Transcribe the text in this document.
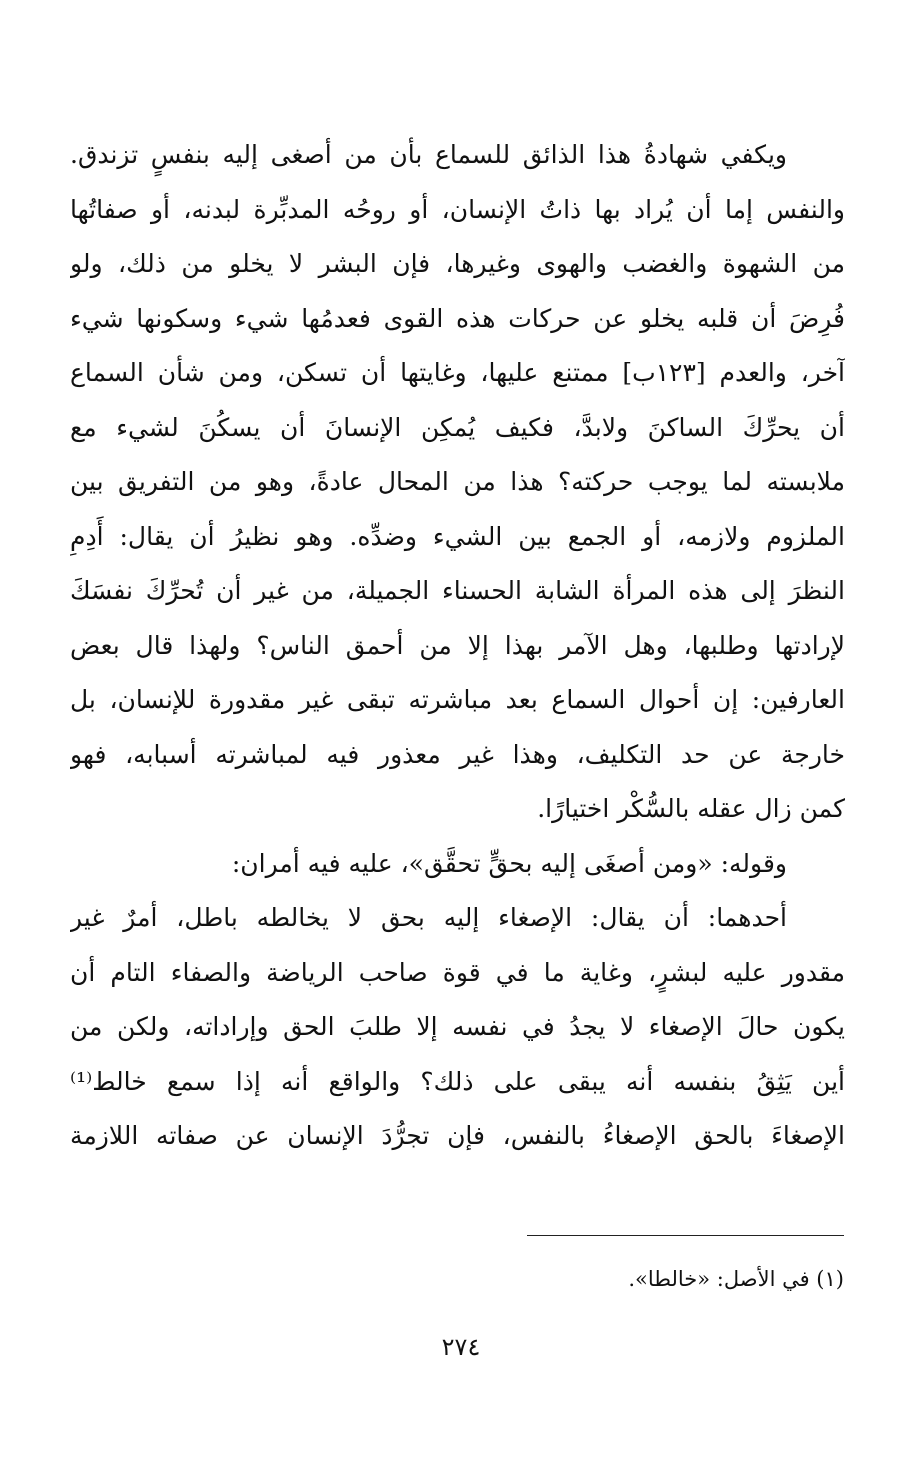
ويكفي شهادةُ هذا الذائق للسماع بأن من أصغى إليه بنفسٍ تزندق.
والنفس إما أن يُراد بها ذاتُ الإنسان، أو روحُه المدبِّرة لبدنه، أو صفاتُها
من الشهوة والغضب والهوى وغيرها، فإن البشر لا يخلو من ذلك، ولو
فُرِضَ أن قلبه يخلو عن حركات هذه القوى فعدمُها شيء وسكونها شيء
آخر، والعدم [١٢٣ب] ممتنع عليها، وغايتها أن تسكن، ومن شأن السماع
أن يحرِّكَ الساكنَ ولابدَّ، فكيف يُمكِن الإنسانَ أن يسكُنَ لشيء مع
ملابسته لما يوجب حركته؟ هذا من المحال عادةً، وهو من التفريق بين
الملزوم ولازمه، أو الجمع بين الشيء وضدِّه. وهو نظيرُ أن يقال: أَدِمِ
النظرَ إلى هذه المرأة الشابة الحسناء الجميلة، من غير أن تُحرِّكَ نفسَكَ
لإرادتها وطلبها، وهل الآمر بهذا إلا من أحمق الناس؟ ولهذا قال بعض
العارفين: إن أحوال السماع بعد مباشرته تبقى غير مقدورة للإنسان، بل
خارجة عن حد التكليف، وهذا غير معذور فيه لمباشرته أسبابه، فهو
كمن زال عقله بالسُّكْر اختيارًا.
وقوله: «ومن أصغَى إليه بحقٍّ تحقَّق»، عليه فيه أمران:
أحدهما: أن يقال: الإصغاء إليه بحق لا يخالطه باطل، أمرٌ غير
مقدور عليه لبشرٍ، وغاية ما في قوة صاحب الرياضة والصفاء التام أن
يكون حالَ الإصغاء لا يجدُ في نفسه إلا طلبَ الحق وإراداته، ولكن من
أين يَثِقُ بنفسه أنه يبقى على ذلك؟ والواقع أنه إذا سمع خالط⁽¹⁾
الإصغاءَ بالحق الإصغاءُ بالنفس، فإن تجرُّدَ الإنسان عن صفاته اللازمة
(١) في الأصل: «خالطا».
٢٧٤
